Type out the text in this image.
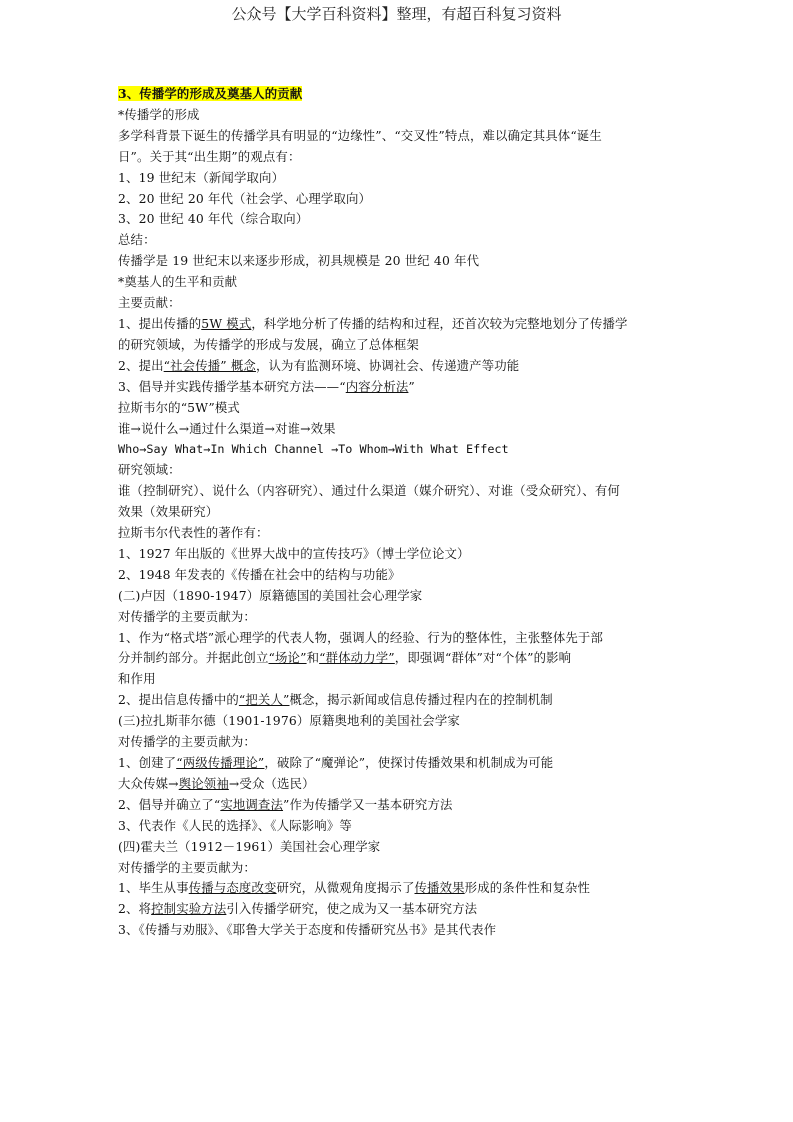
公众号【大学百科资料】整理，有超百科复习资料
3、传播学的形成及奠基人的贡献
*传播学的形成
多学科背景下诞生的传播学具有明显的“边缘性”、“交叉性”特点，难以确定其具体“诞生
日”。关于其“出生期”的观点有：
1、19 世纪末（新闻学取向）
2、20 世纪 20 年代（社会学、心理学取向）
3、20 世纪 40 年代（综合取向）
总结：
传播学是 19 世纪末以来逐步形成，初具规模是 20 世纪 40 年代
*奠基人的生平和贡献
主要贡献：
1、提出传播的5W 模式，科学地分析了传播的结构和过程，还首次较为完整地划分了传播学
的研究领域，为传播学的形成与发展，确立了总体框架
2、提出“社会传播” 概念，认为有监测环境、协调社会、传递遗产等功能
3、倡导并实践传播学基本研究方法——“内容分析法”
拉斯韦尔的“5W”模式
谁→说什么→通过什么渠道→对谁→效果
Who→Say What→In Which Channel →To Whom→With What Effect
研究领域：
谁（控制研究）、说什么（内容研究）、通过什么渠道（媒介研究）、对谁（受众研究）、有何
效果（效果研究）
拉斯韦尔代表性的著作有：
1、1927 年出版的《世界大战中的宣传技巧》（博士学位论文）
2、1948 年发表的《传播在社会中的结构与功能》
(二)卢因（1890-1947）原籍德国的美国社会心理学家
对传播学的主要贡献为：
1、作为“格式塔”派心理学的代表人物，强调人的经验、行为的整体性，主张整体先于部
分并制约部分。并据此创立“场论”和“群体动力学”，即强调“群体”对“个体”的影响
和作用
2、提出信息传播中的“把关人”概念，揭示新闻或信息传播过程内在的控制机制
(三)拉扎斯菲尔德（1901-1976）原籍奥地利的美国社会学家
对传播学的主要贡献为：
1、创建了“两级传播理论”，破除了“魔弹论”，使探讨传播效果和机制成为可能
大众传媒→舆论领袖→受众（选民）
2、倡导并确立了“实地调查法”作为传播学又一基本研究方法
3、代表作《人民的选择》、《人际影响》等
(四)霍夫兰（1912－1961）美国社会心理学家
对传播学的主要贡献为：
1、毕生从事传播与态度改变研究，从微观角度揭示了传播效果形成的条件性和复杂性
2、将控制实验方法引入传播学研究，使之成为又一基本研究方法
3、《传播与劝服》、《耶鲁大学关于态度和传播研究丛书》是其代表作
